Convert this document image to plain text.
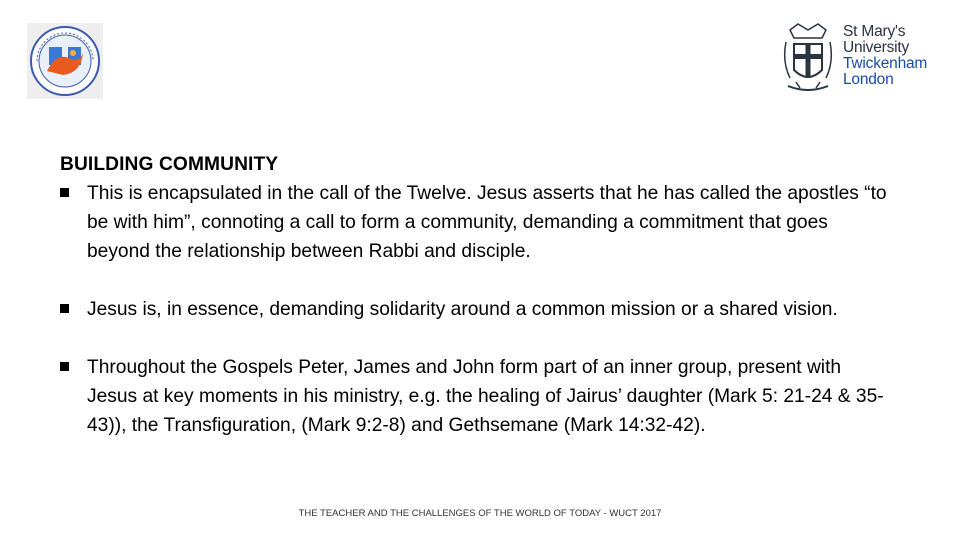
St Mary's
University
Twickenham
London
BUILDING COMMUNITY
This is encapsulated in the call of the Twelve. Jesus asserts that he has called the apostles “to be with him”, connoting a call to form a community, demanding a commitment that goes beyond the relationship between Rabbi and disciple.
Jesus is, in essence, demanding solidarity around a common mission or a shared vision.
Throughout the Gospels Peter, James and John form part of an inner group, present with Jesus at key moments in his ministry, e.g. the healing of Jairus’ daughter (Mark 5: 21-24 & 35-43)), the Transfiguration, (Mark 9:2-8) and Gethsemane (Mark 14:32-42).
THE TEACHER AND THE CHALLENGES OF THE WORLD OF TODAY - WUCT 2017
